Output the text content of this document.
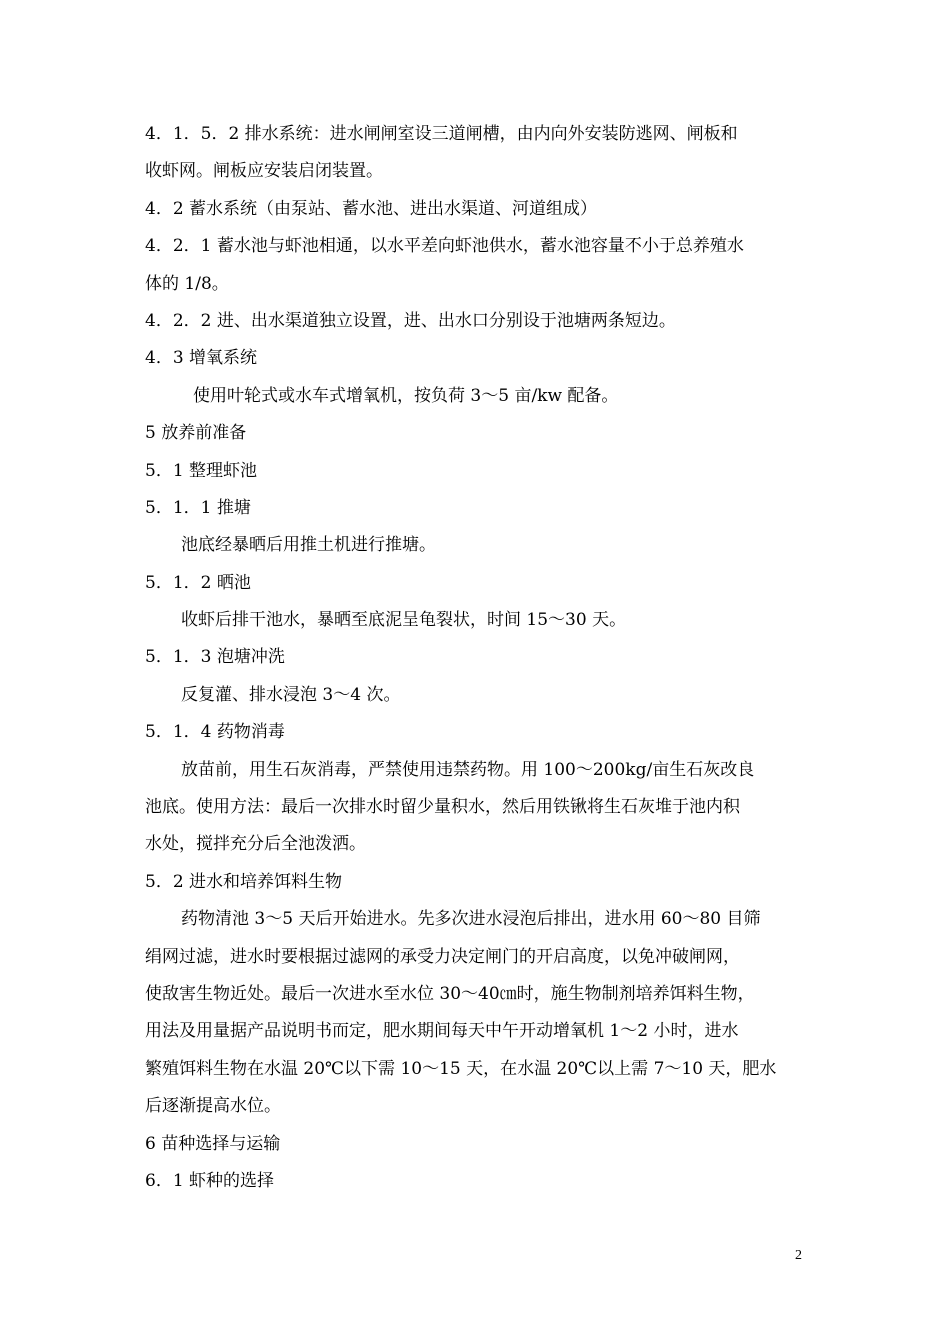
4．1．5．2 排水系统：进水闸闸室设三道闸槽，由内向外安装防逃网、闸板和
收虾网。闸板应安装启闭装置。
4．2 蓄水系统（由泵站、蓄水池、进出水渠道、河道组成）
4．2．1 蓄水池与虾池相通，以水平差向虾池供水，蓄水池容量不小于总养殖水
体的 1/8。
4．2．2 进、出水渠道独立设置，进、出水口分别设于池塘两条短边。
4．3 增氧系统
使用叶轮式或水车式增氧机，按负荷 3～5 亩/kw 配备。
5 放养前准备
5．1 整理虾池
5．1．1 推塘
池底经暴晒后用推土机进行推塘。
5．1．2 晒池
收虾后排干池水，暴晒至底泥呈龟裂状，时间 15～30 天。
5．1．3 泡塘冲洗
反复灌、排水浸泡 3～4 次。
5．1．4 药物消毒
放苗前，用生石灰消毒，严禁使用违禁药物。用 100～200kg/亩生石灰改良
池底。使用方法：最后一次排水时留少量积水，然后用铁锹将生石灰堆于池内积
水处，搅拌充分后全池泼洒。
5．2 进水和培养饵料生物
药物清池 3～5 天后开始进水。先多次进水浸泡后排出，进水用 60～80 目筛
绢网过滤，进水时要根据过滤网的承受力决定闸门的开启高度，以免冲破闸网，
使敌害生物近处。最后一次进水至水位 30～40㎝时，施生物制剂培养饵料生物，
用法及用量据产品说明书而定，肥水期间每天中午开动增氧机 1～2 小时，进水
繁殖饵料生物在水温 20℃以下需 10～15 天，在水温 20℃以上需 7～10 天，肥水
后逐渐提高水位。
6 苗种选择与运输
6．1 虾种的选择
2
